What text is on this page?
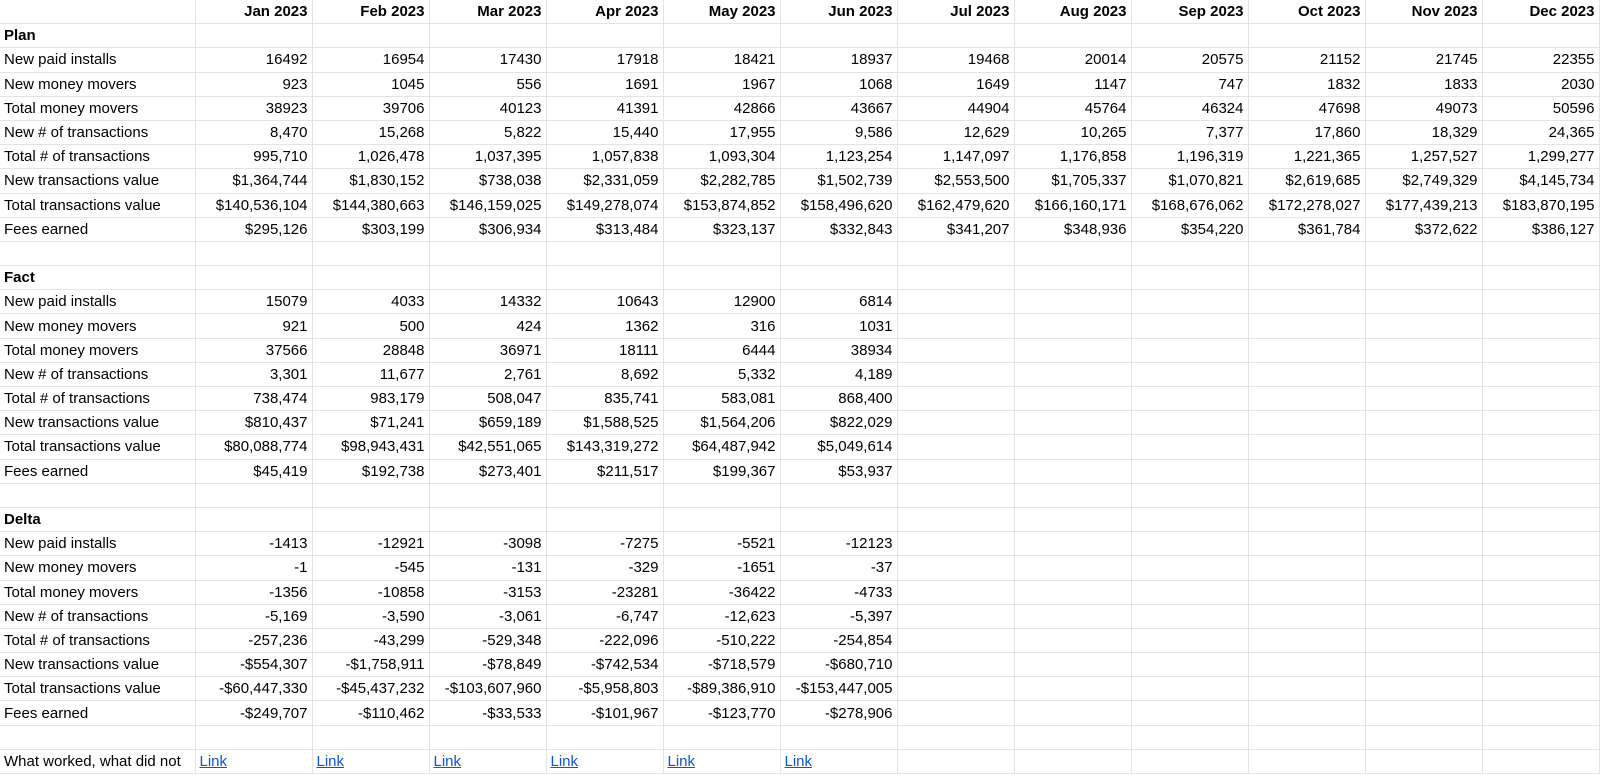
	Jan 2023	Feb 2023	Mar 2023	Apr 2023	May 2023	Jun 2023	Jul 2023	Aug 2023	Sep 2023	Oct 2023	Nov 2023	Dec 2023
Plan												
New paid installs	16492	16954	17430	17918	18421	18937	19468	20014	20575	21152	21745	22355
New money movers	923	1045	556	1691	1967	1068	1649	1147	747	1832	1833	2030
Total money movers	38923	39706	40123	41391	42866	43667	44904	45764	46324	47698	49073	50596
New # of transactions	8,470	15,268	5,822	15,440	17,955	9,586	12,629	10,265	7,377	17,860	18,329	24,365
Total # of transactions	995,710	1,026,478	1,037,395	1,057,838	1,093,304	1,123,254	1,147,097	1,176,858	1,196,319	1,221,365	1,257,527	1,299,277
New transactions value	$1,364,744	$1,830,152	$738,038	$2,331,059	$2,282,785	$1,502,739	$2,553,500	$1,705,337	$1,070,821	$2,619,685	$2,749,329	$4,145,734
Total transactions value	$140,536,104	$144,380,663	$146,159,025	$149,278,074	$153,874,852	$158,496,620	$162,479,620	$166,160,171	$168,676,062	$172,278,027	$177,439,213	$183,870,195
Fees earned	$295,126	$303,199	$306,934	$313,484	$323,137	$332,843	$341,207	$348,936	$354,220	$361,784	$372,622	$386,127

Fact												
New paid installs	15079	4033	14332	10643	12900	6814						
New money movers	921	500	424	1362	316	1031						
Total money movers	37566	28848	36971	18111	6444	38934						
New # of transactions	3,301	11,677	2,761	8,692	5,332	4,189						
Total # of transactions	738,474	983,179	508,047	835,741	583,081	868,400						
New transactions value	$810,437	$71,241	$659,189	$1,588,525	$1,564,206	$822,029						
Total transactions value	$80,088,774	$98,943,431	$42,551,065	$143,319,272	$64,487,942	$5,049,614						
Fees earned	$45,419	$192,738	$273,401	$211,517	$199,367	$53,937						

Delta												
New paid installs	-1413	-12921	-3098	-7275	-5521	-12123						
New money movers	-1	-545	-131	-329	-1651	-37						
Total money movers	-1356	-10858	-3153	-23281	-36422	-4733						
New # of transactions	-5,169	-3,590	-3,061	-6,747	-12,623	-5,397						
Total # of transactions	-257,236	-43,299	-529,348	-222,096	-510,222	-254,854						
New transactions value	-$554,307	-$1,758,911	-$78,849	-$742,534	-$718,579	-$680,710						
Total transactions value	-$60,447,330	-$45,437,232	-$103,607,960	-$5,958,803	-$89,386,910	-$153,447,005						
Fees earned	-$249,707	-$110,462	-$33,533	-$101,967	-$123,770	-$278,906						

What worked, what did not	Link	Link	Link	Link	Link	Link						
